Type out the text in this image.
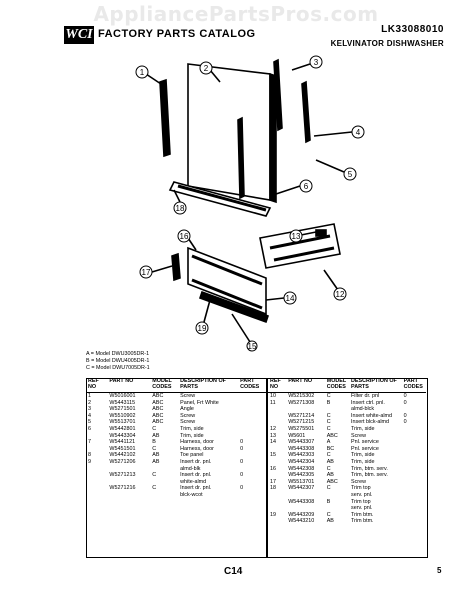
AppliancePartsPros.com
WCI FACTORY PARTS CATALOG	LK33088010
KELVINATOR DISHWASHER
1	2
3
4
5
6
18
16
17
19
14
15
13
12
A = Model DWU3005DR-1
B = Model DWU4005DR-1
C = Model DWU7005DR-1
REF NO	PART NO	MODEL CODES	DESCRIPTION OF PARTS	PART CODES
1	W5016001	ABC	Screw	
2	W5443115	ABC	Panel, Frt White	
3	W5271501	ABC	Angle	
4	W5510902	ABC	Screw	
5	W5513701	ABC	Screw	
6	W5442801	C	Trim, side	
	W5443304	AB	Trim, side	
7	W5441121	B	Harness, door	0
	W5451501	C	Harness, door	0
8	W5442102	AB	Toe panel	
9	W5271206	AB	Insert dr. pnl.	0
			almd-blk	
	W5271213	C	Insert dr. pnl.	0
			white-almd	
	W5271216	C	Insert dr. pnl.	0
			blck-wcot	
REF NO	PART NO	MODEL CODES	DESCRIPTION OF PARTS	PART CODES
10	W5215302	C	Filter dr. pnl	0
11	W5271308	B	Insert ctrl. pnl.	0
			almd-blck	
	W5271214	C	Insert white-almd	0
	W5271215	C	Insert blck-almd	0
12	W5275501	C	Trim, side	
13	W5601	ABC	Screw	
14	W5443307	A	Pnl. service	
	W5443308	BC	Pnl. service	
15	W5442303	C	Trim, side	
	W5442304	AB	Trim, side	
16	W5442308	C	Trim, btm. serv.	
	W5442305	AB	Trim, btm. serv.	
17	W5513701	ABC	Screw	
18	W5442307	C	Trim top	
			serv. pnl.	
	W5443308	B	Trim top	
			serv. pnl.	
19	W5443209	C	Trim btm.	
	W5443210	AB	Trim btm.	
C14	5
